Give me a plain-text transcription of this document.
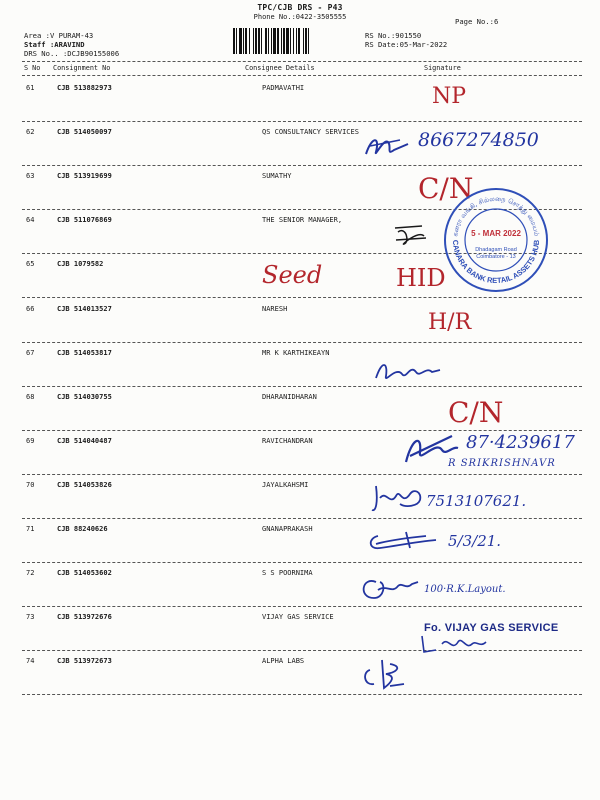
TPC/CJB DRS - P43
Phone No.:0422-3505555	Page No.:6
Area :V PURAM-43
Staff :ARAVIND
DRS No.. :DCJB90155006
RS No.:901550
RS Date:05-Mar-2022
S No Consignment No	Consignee Details	Signature
61	CJB 513882973	PADMAVATHI
62	CJB 514050097	QS CONSULTANCY SERVICES
63	CJB 513919699	SUMATHY
64	CJB 511076869	THE SENIOR MANAGER,
65	CJB 1079582
66	CJB 514013527	NARESH
67	CJB 514053817	MR K KARTHIKEAYN
68	CJB 514030755	DHARANIDHARAN
69	CJB 514040487	RAVICHANDRAN
70	CJB 514053826	JAYALKAHSMI
71	CJB 88240626	GNANAPRAKASH
72	CJB 514053602	S S POORNIMA
73	CJB 513972676	VIJAY GAS SERVICE
74	CJB 513972673	ALPHA LABS
NP
8667274850
C/N
கனரா வங்கி, சில்லறை சொத்து மையம்
CANARA BANK RETAIL ASSETS HUB
5 - MAR 2022
Dhadagam Road
Coimbatore - 13
Seed	HID
H/R
C/N
87·4239617
R SRIKRISHNAVR
7513107621.
5/3/21.
100·R.K.Layout.
Fo. VIJAY GAS SERVICE
